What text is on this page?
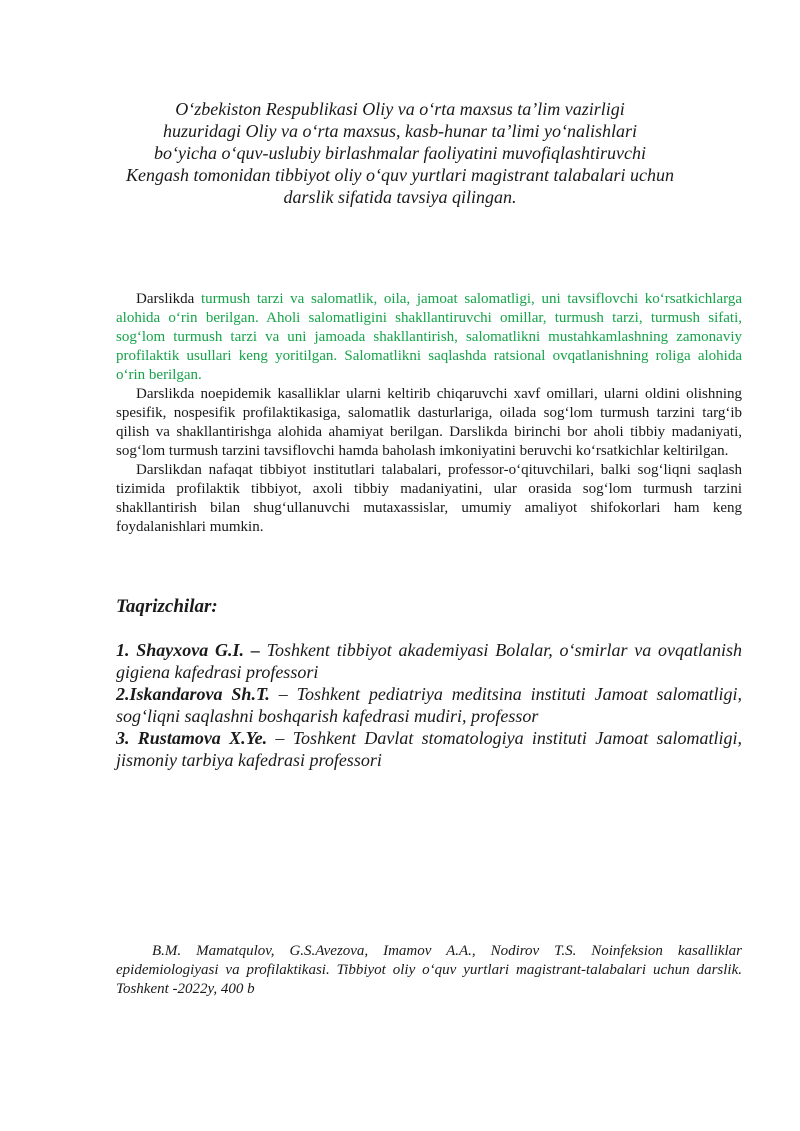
O‘zbekiston Respublikasi Oliy va o‘rta maxsus ta’lim vazirligi
huzuridagi Oliy va o‘rta maxsus, kasb-hunar ta’limi yo‘nalishlari
bo‘yicha o‘quv-uslubiy birlashmalar faoliyatini muvofiqlashtiruvchi
Kengash tomonidan tibbiyot oliy o‘quv yurtlari magistrant talabalari uchun
darslik sifatida tavsiya qilingan.

Darslikda turmush tarzi va salomatlik, oila, jamoat salomatligi, uni tavsiflovchi ko‘rsatkichlarga alohida o‘rin berilgan. Aholi salomatligini shakllantiruvchi omillar, turmush tarzi, turmush sifati, sog‘lom turmush tarzi va uni jamoada shakllantirish, salomatlikni mustahkamlashning zamonaviy profilaktik usullari keng yoritilgan. Salomatlikni saqlashda ratsional ovqatlanishning roliga alohida o‘rin berilgan.

Darslikda noepidemik kasalliklar ularni keltirib chiqaruvchi xavf omillari, ularni oldini olishning spesifik, nospesifik profilaktikasiga, salomatlik dasturlariga, oilada sog‘lom turmush tarzini targ‘ib qilish va shakllantirishga alohida ahamiyat berilgan. Darslikda birinchi bor aholi tibbiy madaniyati, sog‘lom turmush tarzini tavsiflovchi hamda baholash imkoniyatini beruvchi ko‘rsatkichlar keltirilgan.

Darslikdan nafaqat tibbiyot institutlari talabalari, professor-o‘qituvchilari, balki sog‘liqni saqlash tizimida profilaktik tibbiyot, axoli tibbiy madaniyatini, ular orasida sog‘lom turmush tarzini shakllantirish bilan shug‘ullanuvchi mutaxassislar, umumiy amaliyot shifokorlari ham keng foydalanishlari mumkin.

Taqrizchilar:

1. Shayxova G.I. – Toshkent tibbiyot akademiyasi Bolalar, o‘smirlar va ovqatlanish gigiena kafedrasi professori

2.Iskandarova Sh.T. – Toshkent pediatriya meditsina instituti Jamoat salomatligi, sog‘liqni saqlashni boshqarish kafedrasi mudiri, professor

3. Rustamova X.Ye. – Toshkent Davlat stomatologiya instituti Jamoat salomatligi, jismoniy tarbiya kafedrasi professori

B.M. Mamatqulov, G.S.Avezova, Imamov A.A., Nodirov T.S. Noinfeksion kasalliklar epidemiologiyasi va profilaktikasi. Tibbiyot oliy o‘quv yurtlari magistrant-talabalari uchun darslik. Toshkent -2022y, 400 b
